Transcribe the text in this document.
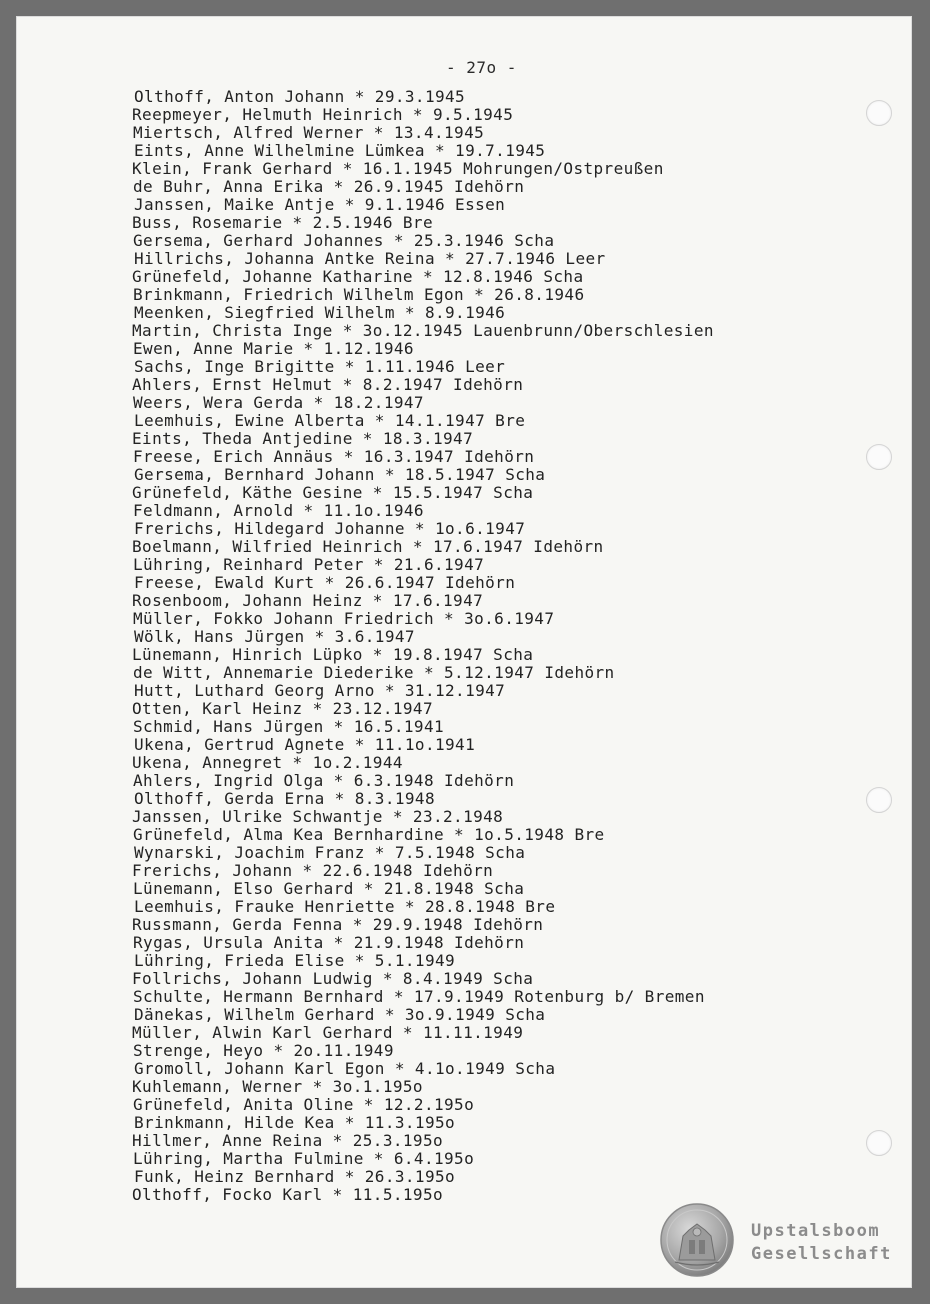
- 27o -
Olthoff, Anton Johann * 29.3.1945
Reepmeyer, Helmuth Heinrich * 9.5.1945
Miertsch, Alfred Werner * 13.4.1945
Eints, Anne Wilhelmine Lümkea * 19.7.1945
Klein, Frank Gerhard * 16.1.1945 Mohrungen/Ostpreußen
de Buhr, Anna Erika * 26.9.1945 Idehörn
Janssen, Maike Antje * 9.1.1946 Essen
Buss, Rosemarie * 2.5.1946 Bre
Gersema, Gerhard Johannes * 25.3.1946 Scha
Hillrichs, Johanna Antke Reina * 27.7.1946 Leer
Grünefeld, Johanne Katharine * 12.8.1946 Scha
Brinkmann, Friedrich Wilhelm Egon * 26.8.1946
Meenken, Siegfried Wilhelm * 8.9.1946
Martin, Christa Inge * 3o.12.1945 Lauenbrunn/Oberschlesien
Ewen, Anne Marie * 1.12.1946
Sachs, Inge Brigitte * 1.11.1946 Leer
Ahlers, Ernst Helmut * 8.2.1947 Idehörn
Weers, Wera Gerda * 18.2.1947
Leemhuis, Ewine Alberta * 14.1.1947 Bre
Eints, Theda Antjedine * 18.3.1947
Freese, Erich Annäus * 16.3.1947 Idehörn
Gersema, Bernhard Johann * 18.5.1947 Scha
Grünefeld, Käthe Gesine * 15.5.1947 Scha
Feldmann, Arnold * 11.1o.1946
Frerichs, Hildegard Johanne * 1o.6.1947
Boelmann, Wilfried Heinrich * 17.6.1947 Idehörn
Lühring, Reinhard Peter * 21.6.1947
Freese, Ewald Kurt * 26.6.1947 Idehörn
Rosenboom, Johann Heinz * 17.6.1947
Müller, Fokko Johann Friedrich * 3o.6.1947
Wölk, Hans Jürgen * 3.6.1947
Lünemann, Hinrich Lüpko * 19.8.1947 Scha
de Witt, Annemarie Diederike * 5.12.1947 Idehörn
Hutt, Luthard Georg Arno * 31.12.1947
Otten, Karl Heinz * 23.12.1947
Schmid, Hans Jürgen * 16.5.1941
Ukena, Gertrud Agnete * 11.1o.1941
Ukena, Annegret * 1o.2.1944
Ahlers, Ingrid Olga * 6.3.1948 Idehörn
Olthoff, Gerda Erna * 8.3.1948
Janssen, Ulrike Schwantje * 23.2.1948
Grünefeld, Alma Kea Bernhardine * 1o.5.1948 Bre
Wynarski, Joachim Franz * 7.5.1948 Scha
Frerichs, Johann * 22.6.1948 Idehörn
Lünemann, Elso Gerhard * 21.8.1948 Scha
Leemhuis, Frauke Henriette * 28.8.1948 Bre
Russmann, Gerda Fenna * 29.9.1948 Idehörn
Rygas, Ursula Anita * 21.9.1948 Idehörn
Lühring, Frieda Elise * 5.1.1949
Follrichs, Johann Ludwig * 8.4.1949 Scha
Schulte, Hermann Bernhard * 17.9.1949 Rotenburg b/ Bremen
Dänekas, Wilhelm Gerhard * 3o.9.1949 Scha
Müller, Alwin Karl Gerhard * 11.11.1949
Strenge, Heyo * 2o.11.1949
Gromoll, Johann Karl Egon * 4.1o.1949 Scha
Kuhlemann, Werner * 3o.1.195o
Grünefeld, Anita Oline * 12.2.195o
Brinkmann, Hilde Kea * 11.3.195o
Hillmer, Anne Reina * 25.3.195o
Lühring, Martha Fulmine * 6.4.195o
Funk, Heinz Bernhard * 26.3.195o
Olthoff, Focko Karl * 11.5.195o
Upstalsboom
Gesellschaft
